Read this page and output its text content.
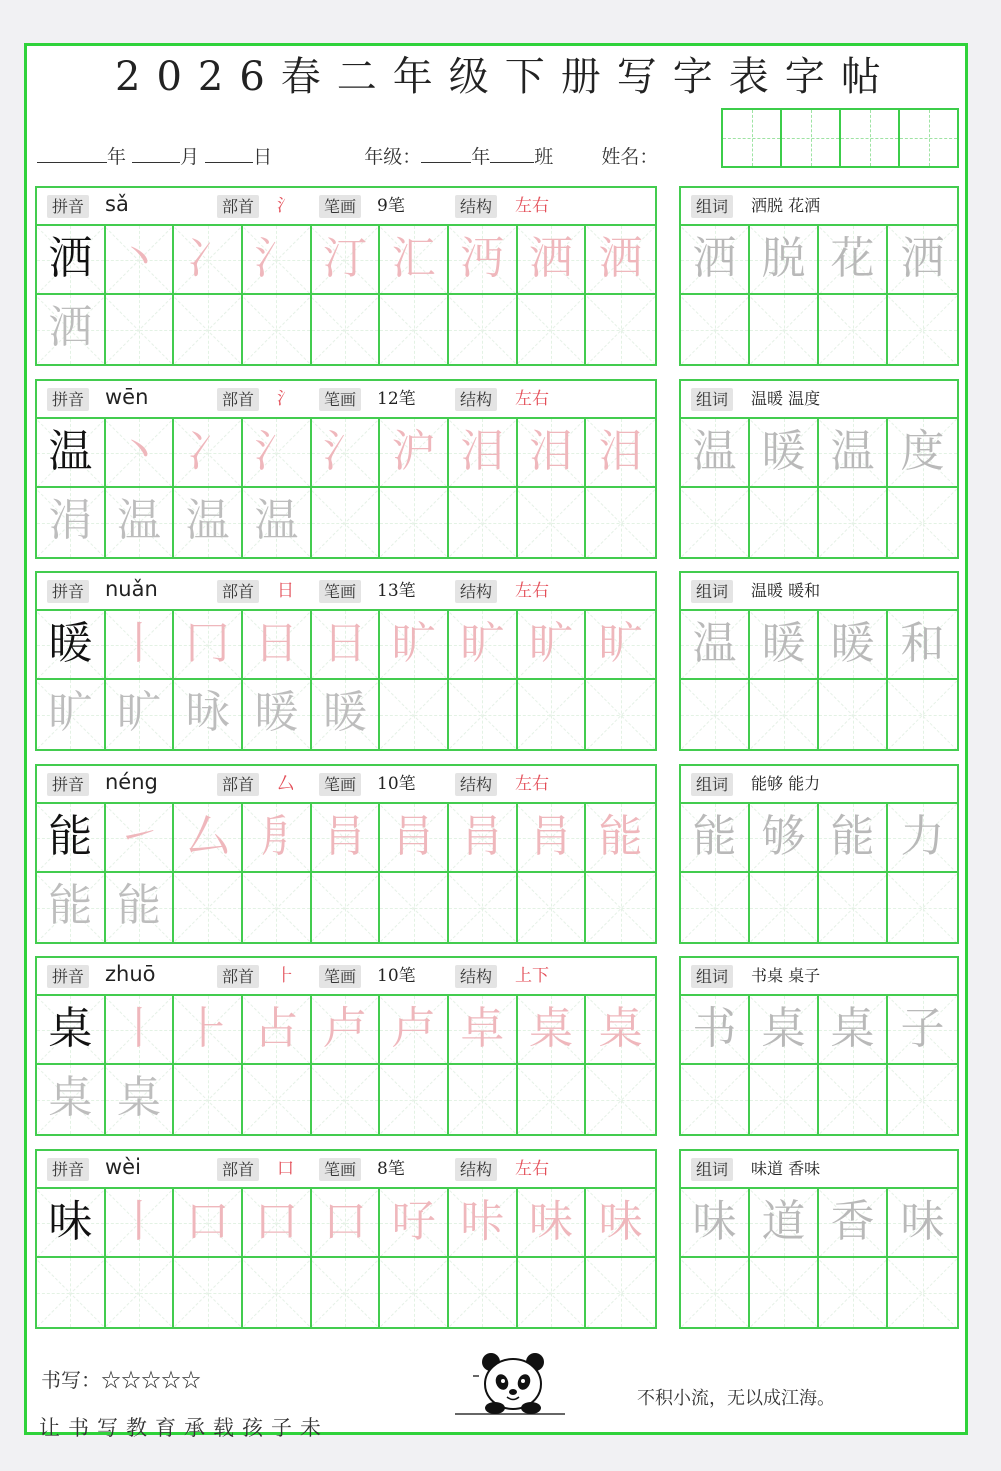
2026春二年级下册写字表字帖
年	月	日	年级：	年 班	姓名：
拼音 sǎ	部首 氵	笔画 9笔	结构 左右
洒 丶 冫 氵 汀 汇 沔 洒 洒
洒
组词	洒脱 花洒
洒 脱 花 洒
拼音 wēn	部首 氵	笔画 12笔	结构 左右
温 丶 冫 氵 氵 沪 泪 泪 泪
涓 温 温 温
组词	温暖 温度
温 暖 温 度
拼音 nuǎn	部首 日	笔画 13笔	结构 左右
暖 丨 冂 日 日 旷 旷 旷 旷
旷 旷 昹 暖 暖
组词	温暖 暖和
温 暖 暖 和
拼音 néng	部首 厶	笔画 10笔	结构 左右
能 ㇀ 厶 㐆 肙 肙 肙 肙 能
能 能
组词	能够 能力
能 够 能 力
拼音 zhuō	部首 ⺊	笔画 10笔	结构 上下
桌 丨 ⺊ 占 卢 卢 卓 桌 桌
桌 桌
组词	书桌 桌子
书 桌 桌 子
拼音 wèi	部首 口	笔画 8笔	结构 左右
味 丨 口 口 口 吇 咔 味 味
组词	味道 香味
味 道 香 味
书写：☆☆☆☆☆
让书写教育承载孩子未
不积小流，无以成江海。
